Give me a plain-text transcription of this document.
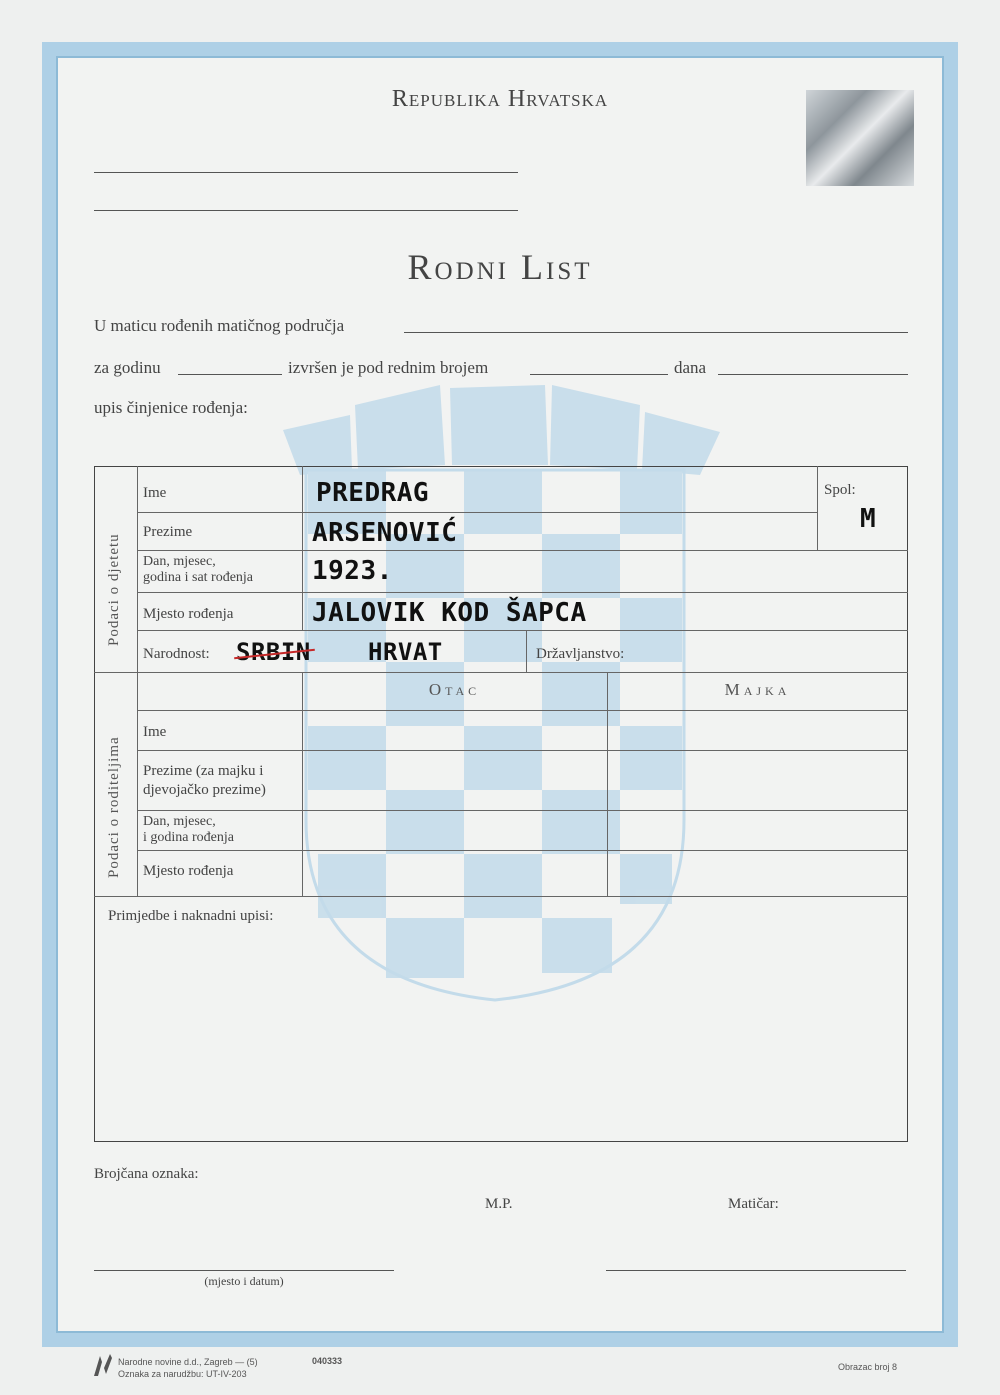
Republika Hrvatska
Rodni List
U maticu rođenih matičnog područja
za godinu	izvršen je pod rednim brojem	dana
upis činjenice rođenja:
Podaci o djetetu
Ime	PREDRAG
Prezime	ARSENOVIĆ
Dan, mjesec,
godina i sat rođenja 1923.
Mjesto rođenja	JALOVIK KOD ŠAPCA
Narodnost: SRBIN HRVAT	Državljanstvo:
Spol:
M
Podaci o roditeljima
Otac	Majka
Ime
Prezime (za majku i
djevojačko prezime)
Dan, mjesec,
i godina rođenja
Mjesto rođenja
Primjedbe i naknadni upisi:
Brojčana oznaka:
M.P.	Matičar:
(mjesto i datum)
Narodne novine d.d., Zagreb — (5)
Oznaka za narudžbu: UT-IV-203
040333
Obrazac broj 8
